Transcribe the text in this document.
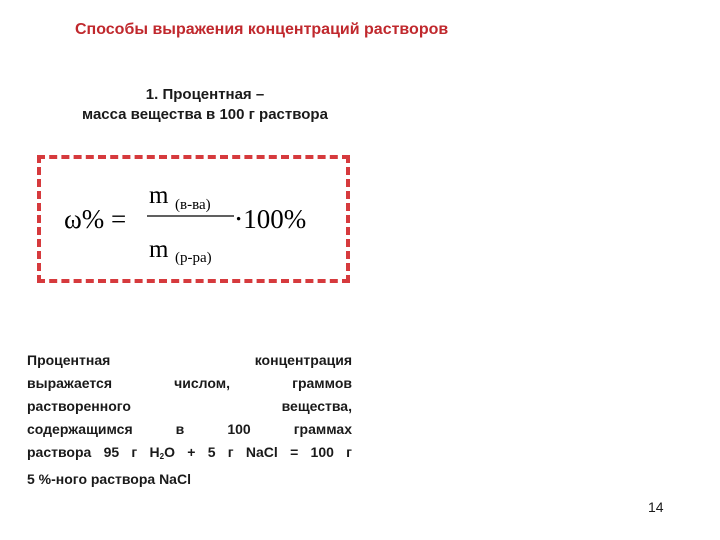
Способы выражения концентраций растворов
1. Процентная –
масса вещества в 100 г раствора
ω% =
m (в-ва)
m (р-ра)
⋅100%
Процентная концентрация
выражается числом, граммов
растворенного вещества,
содержащимся в 100 граммах
раствора 95 г $H_2O + 5$ г NaCl = 100 г
5 %-ного раствора NaCl
14
